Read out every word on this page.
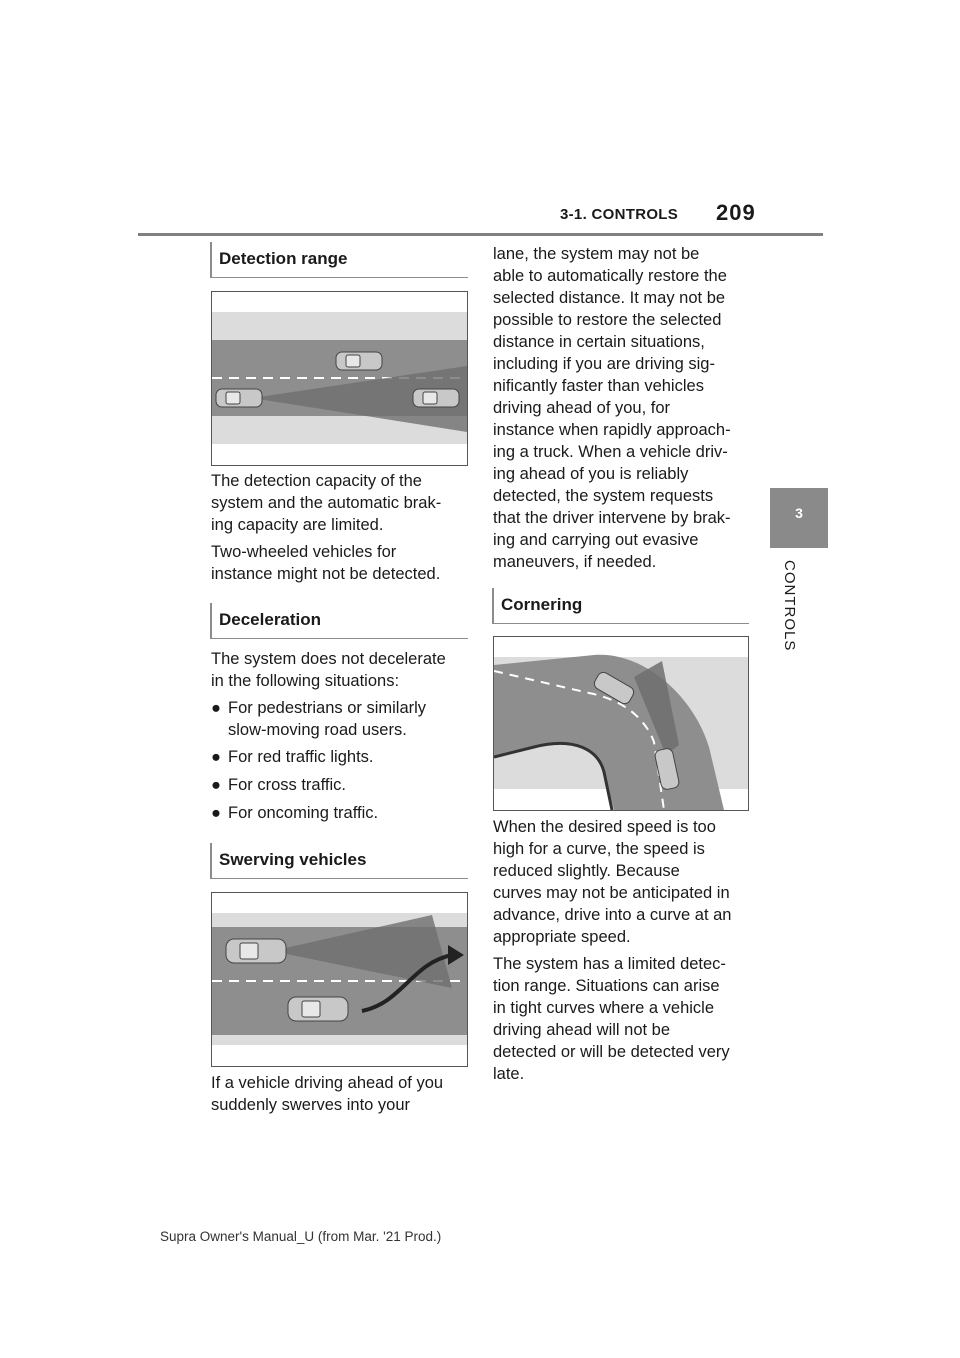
3-1. CONTROLS 209
3
CONTROLS
Detection range
The detection capacity of the
system and the automatic brak-
ing capacity are limited.
Two-wheeled vehicles for
instance might not be detected.
Deceleration
The system does not decelerate
in the following situations:
● For pedestrians or similarly
slow-moving road users.
● For red traffic lights.
● For cross traffic.
● For oncoming traffic.
Swerving vehicles
If a vehicle driving ahead of you
suddenly swerves into your
lane, the system may not be
able to automatically restore the
selected distance. It may not be
possible to restore the selected
distance in certain situations,
including if you are driving sig-
nificantly faster than vehicles
driving ahead of you, for
instance when rapidly approach-
ing a truck. When a vehicle driv-
ing ahead of you is reliably
detected, the system requests
that the driver intervene by brak-
ing and carrying out evasive
maneuvers, if needed.
Cornering
When the desired speed is too
high for a curve, the speed is
reduced slightly. Because
curves may not be anticipated in
advance, drive into a curve at an
appropriate speed.
The system has a limited detec-
tion range. Situations can arise
in tight curves where a vehicle
driving ahead will not be
detected or will be detected very
late.
Supra Owner's Manual_U (from Mar. '21 Prod.)
